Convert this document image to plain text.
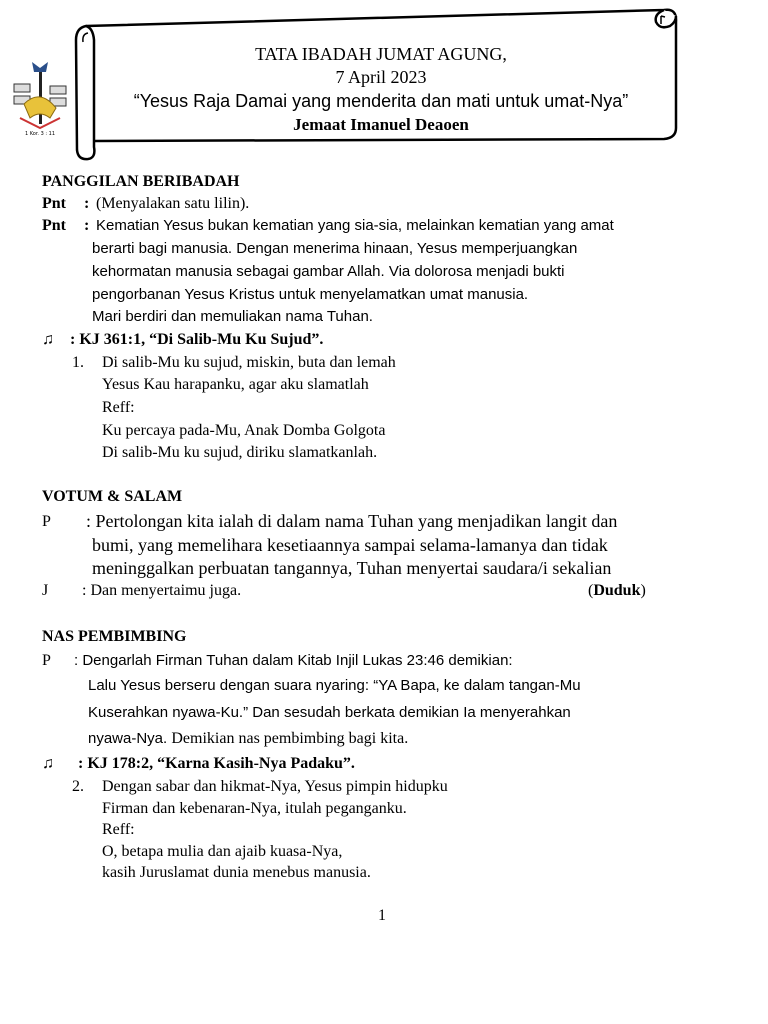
1 Kor. 3 : 11
TATA IBADAH JUMAT AGUNG,
7 April 2023
“Yesus Raja Damai yang menderita dan mati untuk umat-Nya”
Jemaat Imanuel Deaoen
PANGGILAN BERIBADAH
Pnt : (Menyalakan satu lilin).
Pnt : Kematian Yesus bukan kematian yang sia-sia, melainkan kematian yang amat
berarti bagi manusia. Dengan menerima hinaan, Yesus memperjuangkan
kehormatan manusia sebagai gambar Allah. Via dolorosa menjadi bukti
pengorbanan Yesus Kristus untuk menyelamatkan umat manusia.
Mari berdiri dan memuliakan nama Tuhan.
♫ : KJ 361:1, “Di Salib-Mu Ku Sujud”.
1. Di salib-Mu ku sujud, miskin, buta dan lemah
Yesus Kau harapanku, agar aku slamatlah
Reff:
Ku percaya pada-Mu, Anak Domba Golgota
Di salib-Mu ku sujud, diriku slamatkanlah.
VOTUM & SALAM
P : Pertolongan kita ialah di dalam nama Tuhan yang menjadikan langit dan
bumi, yang memelihara kesetiaannya sampai selama-lamanya dan tidak
meninggalkan perbuatan tangannya, Tuhan menyertai saudara/i sekalian
J : Dan menyertaimu juga.	(Duduk)
NAS PEMBIMBING
P : Dengarlah Firman Tuhan dalam Kitab Injil Lukas 23:46 demikian:
Lalu Yesus berseru dengan suara nyaring: “YA Bapa, ke dalam tangan-Mu
Kuserahkan nyawa-Ku.” Dan sesudah berkata demikian Ia menyerahkan
nyawa-Nya. Demikian nas pembimbing bagi kita.
♫ : KJ 178:2, “Karna Kasih-Nya Padaku”.
2. Dengan sabar dan hikmat-Nya, Yesus pimpin hidupku
Firman dan kebenaran-Nya, itulah peganganku.
Reff:
O, betapa mulia dan ajaib kuasa-Nya,
kasih Juruslamat dunia menebus manusia.
1
